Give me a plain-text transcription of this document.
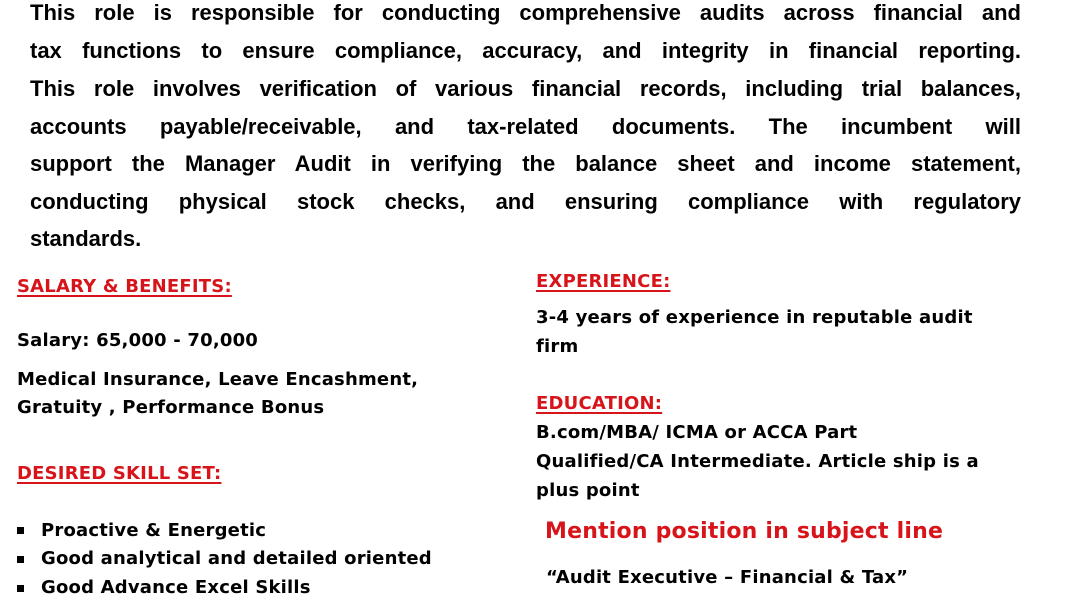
This role is responsible for conducting comprehensive audits across financial and
tax functions to ensure compliance, accuracy, and integrity in financial reporting.
This role involves verification of various financial records, including trial balances,
accounts payable/receivable, and tax-related documents. The incumbent will
support the Manager Audit in verifying the balance sheet and income statement,
conducting physical stock checks, and ensuring compliance with regulatory
standards.
SALARY & BENEFITS:
Salary: 65,000 - 70,000
Medical Insurance, Leave Encashment,
Gratuity , Performance Bonus
DESIRED SKILL SET:
Proactive & Energetic
Good analytical and detailed oriented
Good Advance Excel Skills
EXPERIENCE:
3-4 years of experience in reputable audit
firm
EDUCATION:
B.com/MBA/ ICMA or ACCA Part
Qualified/CA Intermediate. Article ship is a
plus point
Mention position in subject line
“Audit Executive – Financial & Tax”
